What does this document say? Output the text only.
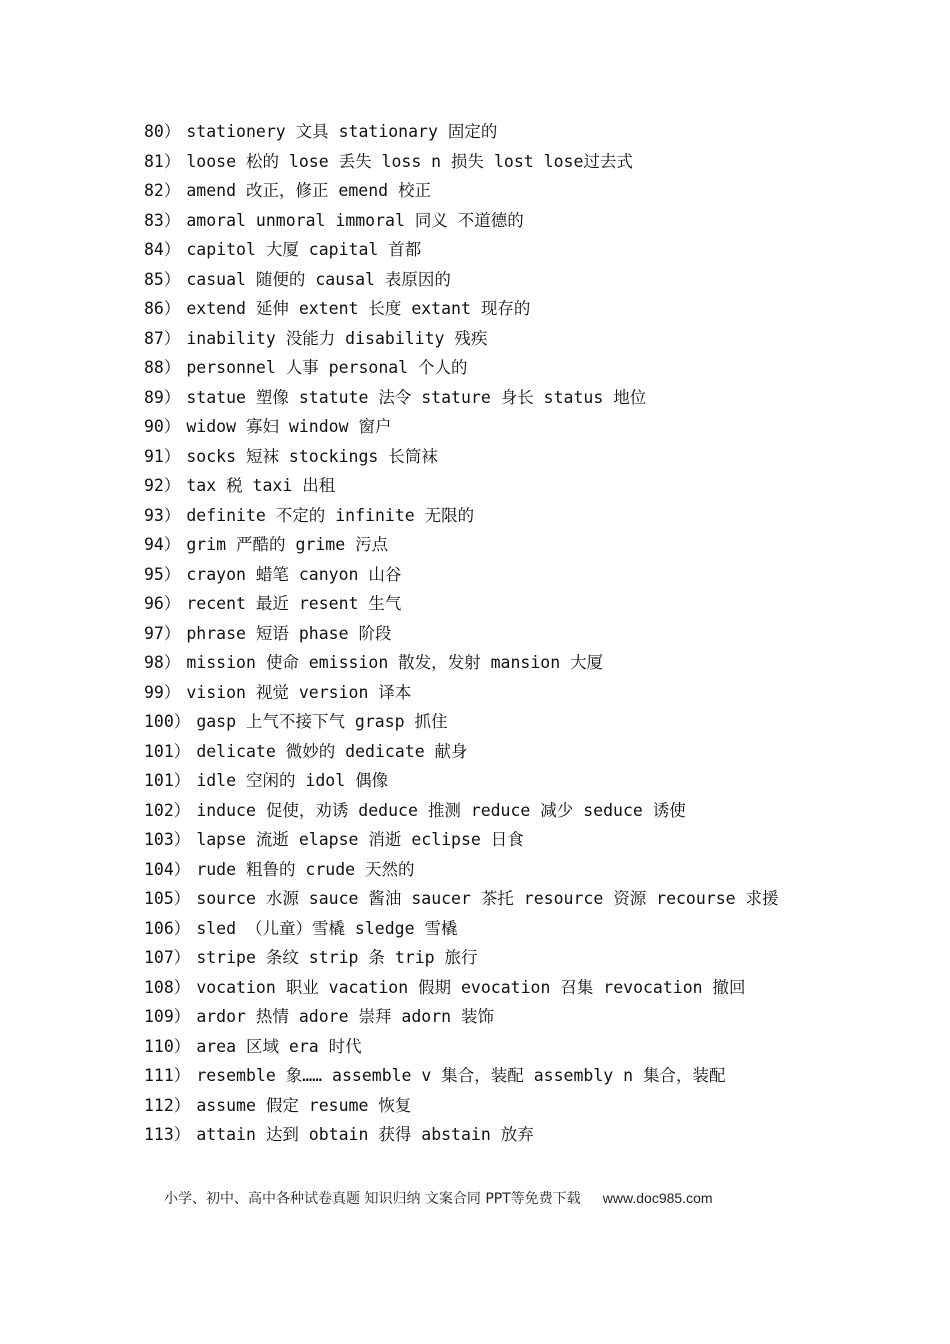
80） stationery 文具 stationary 固定的
81） loose 松的 lose 丢失 loss n 损失 lost lose过去式
82） amend 改正，修正 emend 校正
83） amoral unmoral immoral 同义 不道德的
84） capitol 大厦 capital 首都
85） casual 随便的 causal 表原因的
86） extend 延伸 extent 长度 extant 现存的
87） inability 没能力 disability 残疾
88） personnel 人事 personal 个人的
89） statue 塑像 statute 法令 stature 身长 status 地位
90） widow 寡妇 window 窗户
91） socks 短袜 stockings 长筒袜
92） tax 税 taxi 出租
93） definite 不定的 infinite 无限的
94） grim 严酷的 grime 污点
95） crayon 蜡笔 canyon 山谷
96） recent 最近 resent 生气
97） phrase 短语 phase 阶段
98） mission 使命 emission 散发，发射 mansion 大厦
99） vision 视觉 version 译本
100） gasp 上气不接下气 grasp 抓住
101） delicate 微妙的 dedicate 献身
101） idle 空闲的 idol 偶像
102） induce 促使，劝诱 deduce 推测 reduce 减少 seduce 诱使
103） lapse 流逝 elapse 消逝 eclipse 日食
104） rude 粗鲁的 crude 天然的
105） source 水源 sauce 酱油 saucer 茶托 resource 资源 recourse 求援
106） sled （儿童）雪橇 sledge 雪橇
107） stripe 条纹 strip 条 trip 旅行
108） vocation 职业 vacation 假期 evocation 召集 revocation 撤回
109） ardor 热情 adore 崇拜 adorn 装饰
110） area 区域 era 时代
111） resemble 象…… assemble v 集合，装配 assembly n 集合，装配
112） assume 假定 resume 恢复
113） attain 达到 obtain 获得 abstain 放弃
小学、初中、高中各种试卷真题 知识归纳 文案合同 PPT等免费下载 www.doc985.com
